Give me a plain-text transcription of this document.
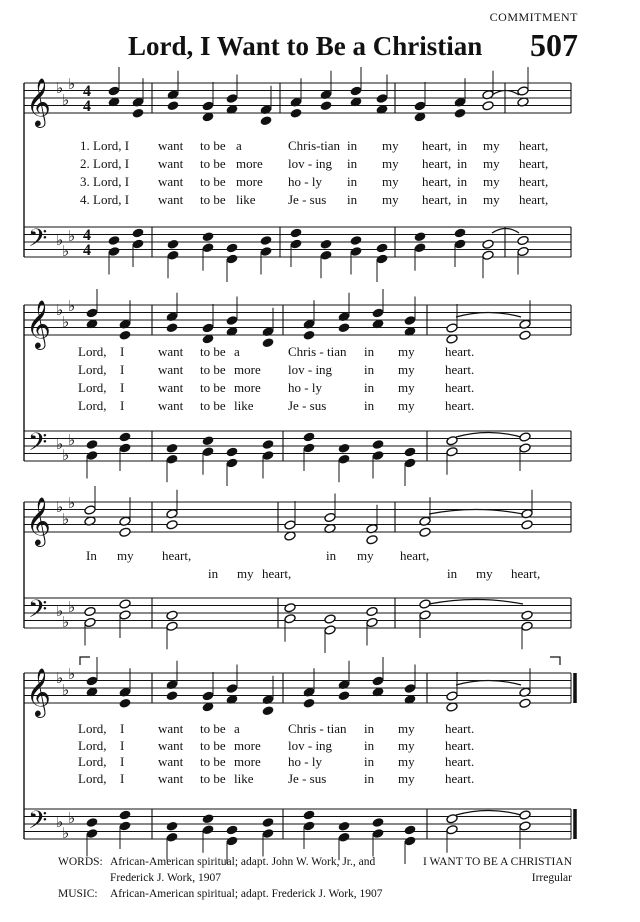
COMMITMENT
Lord, I Want to Be a Christian 507
𝄞
𝄢
♭
♭
♭
♭
♭
♭
4
4
4
4
𝄞
𝄢
♭
♭
♭
♭
♭
♭
𝄞
𝄢
♭
♭
♭
♭
♭
♭
𝄞
𝄢
♭
♭
♭
♭
♭
♭
1. Lord, I want to be a	Chris-tian in my heart, in my heart,
2. Lord, I want to be more lov - ing in my heart, in my heart,
3. Lord, I want to be more ho - ly in my heart, in my heart,
4. Lord, I want to be like	Je - sus in my heart, in my heart,
Lord, I	want to be a	Chris - tian in my heart.
Lord, I	want to be more lov - ing in my heart.
Lord, I	want to be more ho - ly	in my heart.
Lord, I	want to be like	Je - sus	in my heart.
In my heart,	in my heart,
in my heart,	in my heart,
Lord, I	want to be a	Chris - tian in my heart.
Lord, I	want to be more lov - ing in my heart.
Lord, I	want to be more ho - ly	in my heart.
Lord, I	want to be like	Je - sus	in my heart.
WORDS: African-American spiritual; adapt. John W. Work, Jr., and
Frederick J. Work, 1907
MUSIC: African-American spiritual; adapt. Frederick J. Work, 1907
I WANT TO BE A CHRISTIAN
Irregular
